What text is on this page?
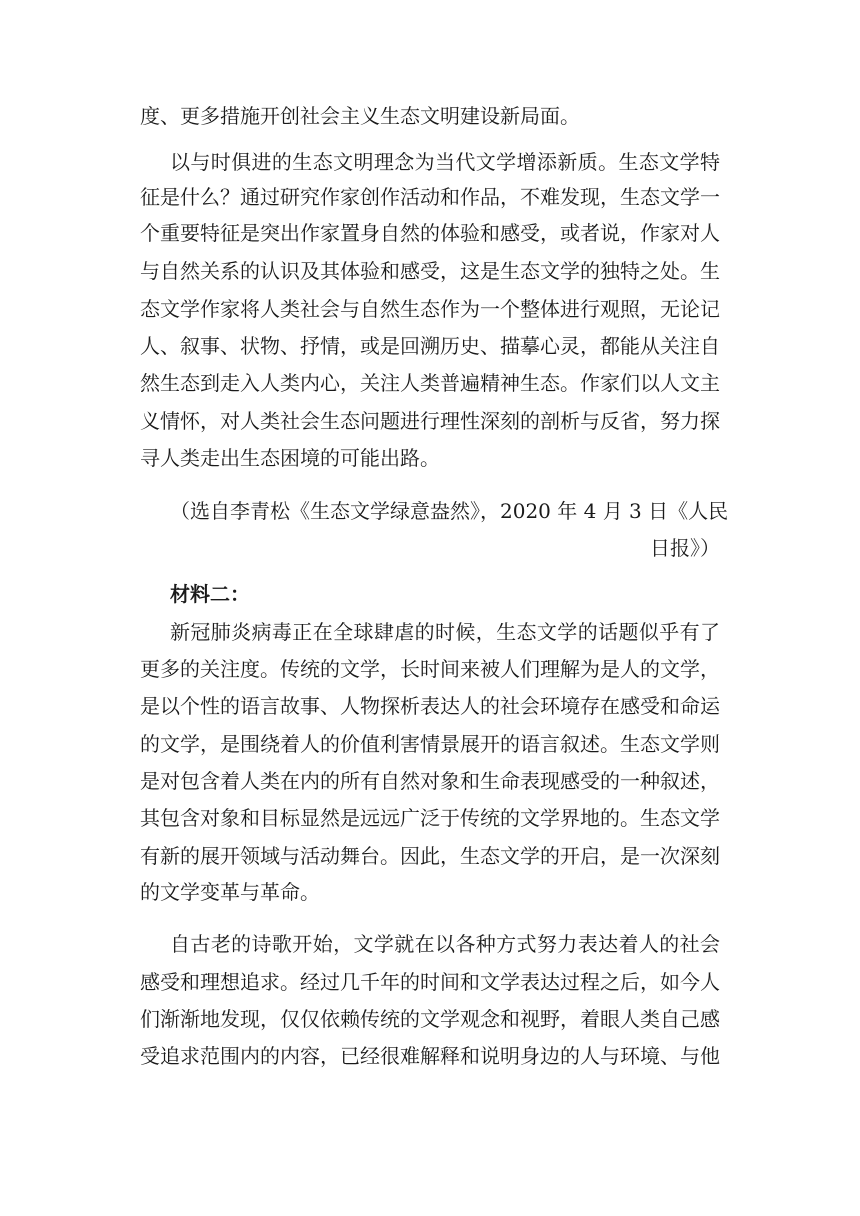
度、更多措施开创社会主义生态文明建设新局面。
以与时俱进的生态文明理念为当代文学增添新质。生态文学特
征是什么？通过研究作家创作活动和作品，不难发现，生态文学一
个重要特征是突出作家置身自然的体验和感受，或者说，作家对人
与自然关系的认识及其体验和感受，这是生态文学的独特之处。生
态文学作家将人类社会与自然生态作为一个整体进行观照，无论记
人、叙事、状物、抒情，或是回溯历史、描摹心灵，都能从关注自
然生态到走入人类内心，关注人类普遍精神生态。作家们以人文主
义情怀，对人类社会生态问题进行理性深刻的剖析与反省，努力探
寻人类走出生态困境的可能出路。
（选自李青松《生态文学绿意盎然》，2020 年 4 月 3 日《人民
日报》）
材料二：
新冠肺炎病毒正在全球肆虐的时候，生态文学的话题似乎有了
更多的关注度。传统的文学，长时间来被人们理解为是人的文学，
是以个性的语言故事、人物探析表达人的社会环境存在感受和命运
的文学，是围绕着人的价值利害情景展开的语言叙述。生态文学则
是对包含着人类在内的所有自然对象和生命表现感受的一种叙述，
其包含对象和目标显然是远远广泛于传统的文学界地的。生态文学
有新的展开领域与活动舞台。因此，生态文学的开启，是一次深刻
的文学变革与革命。
自古老的诗歌开始，文学就在以各种方式努力表达着人的社会
感受和理想追求。经过几千年的时间和文学表达过程之后，如今人
们渐渐地发现，仅仅依赖传统的文学观念和视野，着眼人类自己感
受追求范围内的内容，已经很难解释和说明身边的人与环境、与他
